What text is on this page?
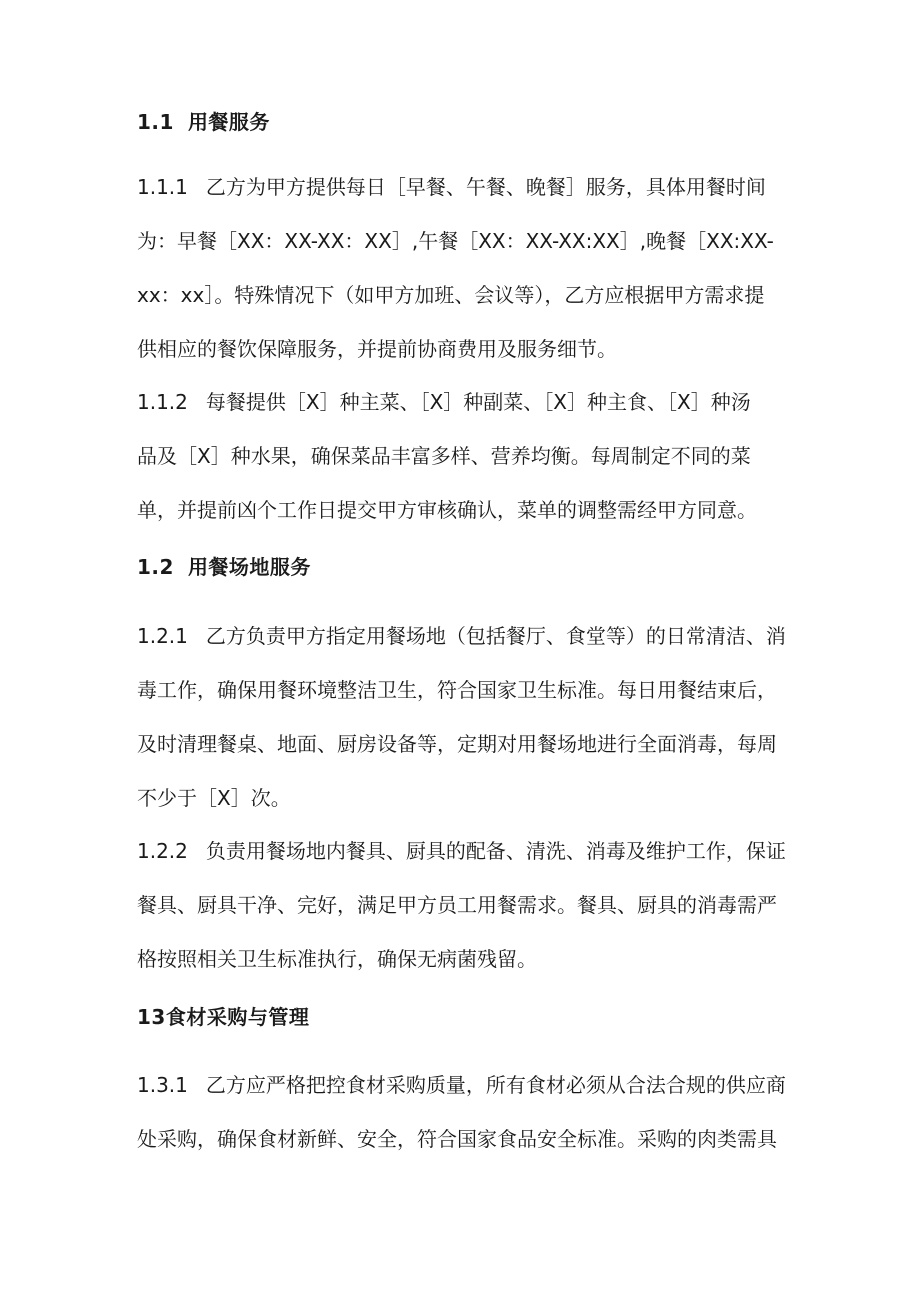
1.1 用餐服务
1.1.1 乙方为甲方提供每日［早餐、午餐、晚餐］服务，具体用餐时间
为：早餐［XX：XX-XX：XX］,午餐［XX：XX-XX:XX］,晚餐［XX:XX-
xx：xx］。特殊情况下（如甲方加班、会议等），乙方应根据甲方需求提
供相应的餐饮保障服务，并提前协商费用及服务细节。
1.1.2 每餐提供［X］种主菜、［X］种副菜、［X］种主食、［X］种汤
品及［X］种水果，确保菜品丰富多样、营养均衡。每周制定不同的菜
单，并提前凶个工作日提交甲方审核确认，菜单的调整需经甲方同意。
1.2 用餐场地服务
1.2.1 乙方负责甲方指定用餐场地（包括餐厅、食堂等）的日常清洁、消
毒工作，确保用餐环境整洁卫生，符合国家卫生标准。每日用餐结束后，
及时清理餐桌、地面、厨房设备等，定期对用餐场地进行全面消毒，每周
不少于［X］次。
1.2.2 负责用餐场地内餐具、厨具的配备、清洗、消毒及维护工作，保证
餐具、厨具干净、完好，满足甲方员工用餐需求。餐具、厨具的消毒需严
格按照相关卫生标准执行，确保无病菌残留。
13食材采购与管理
1.3.1 乙方应严格把控食材采购质量，所有食材必须从合法合规的供应商
处采购，确保食材新鲜、安全，符合国家食品安全标准。采购的肉类需具
